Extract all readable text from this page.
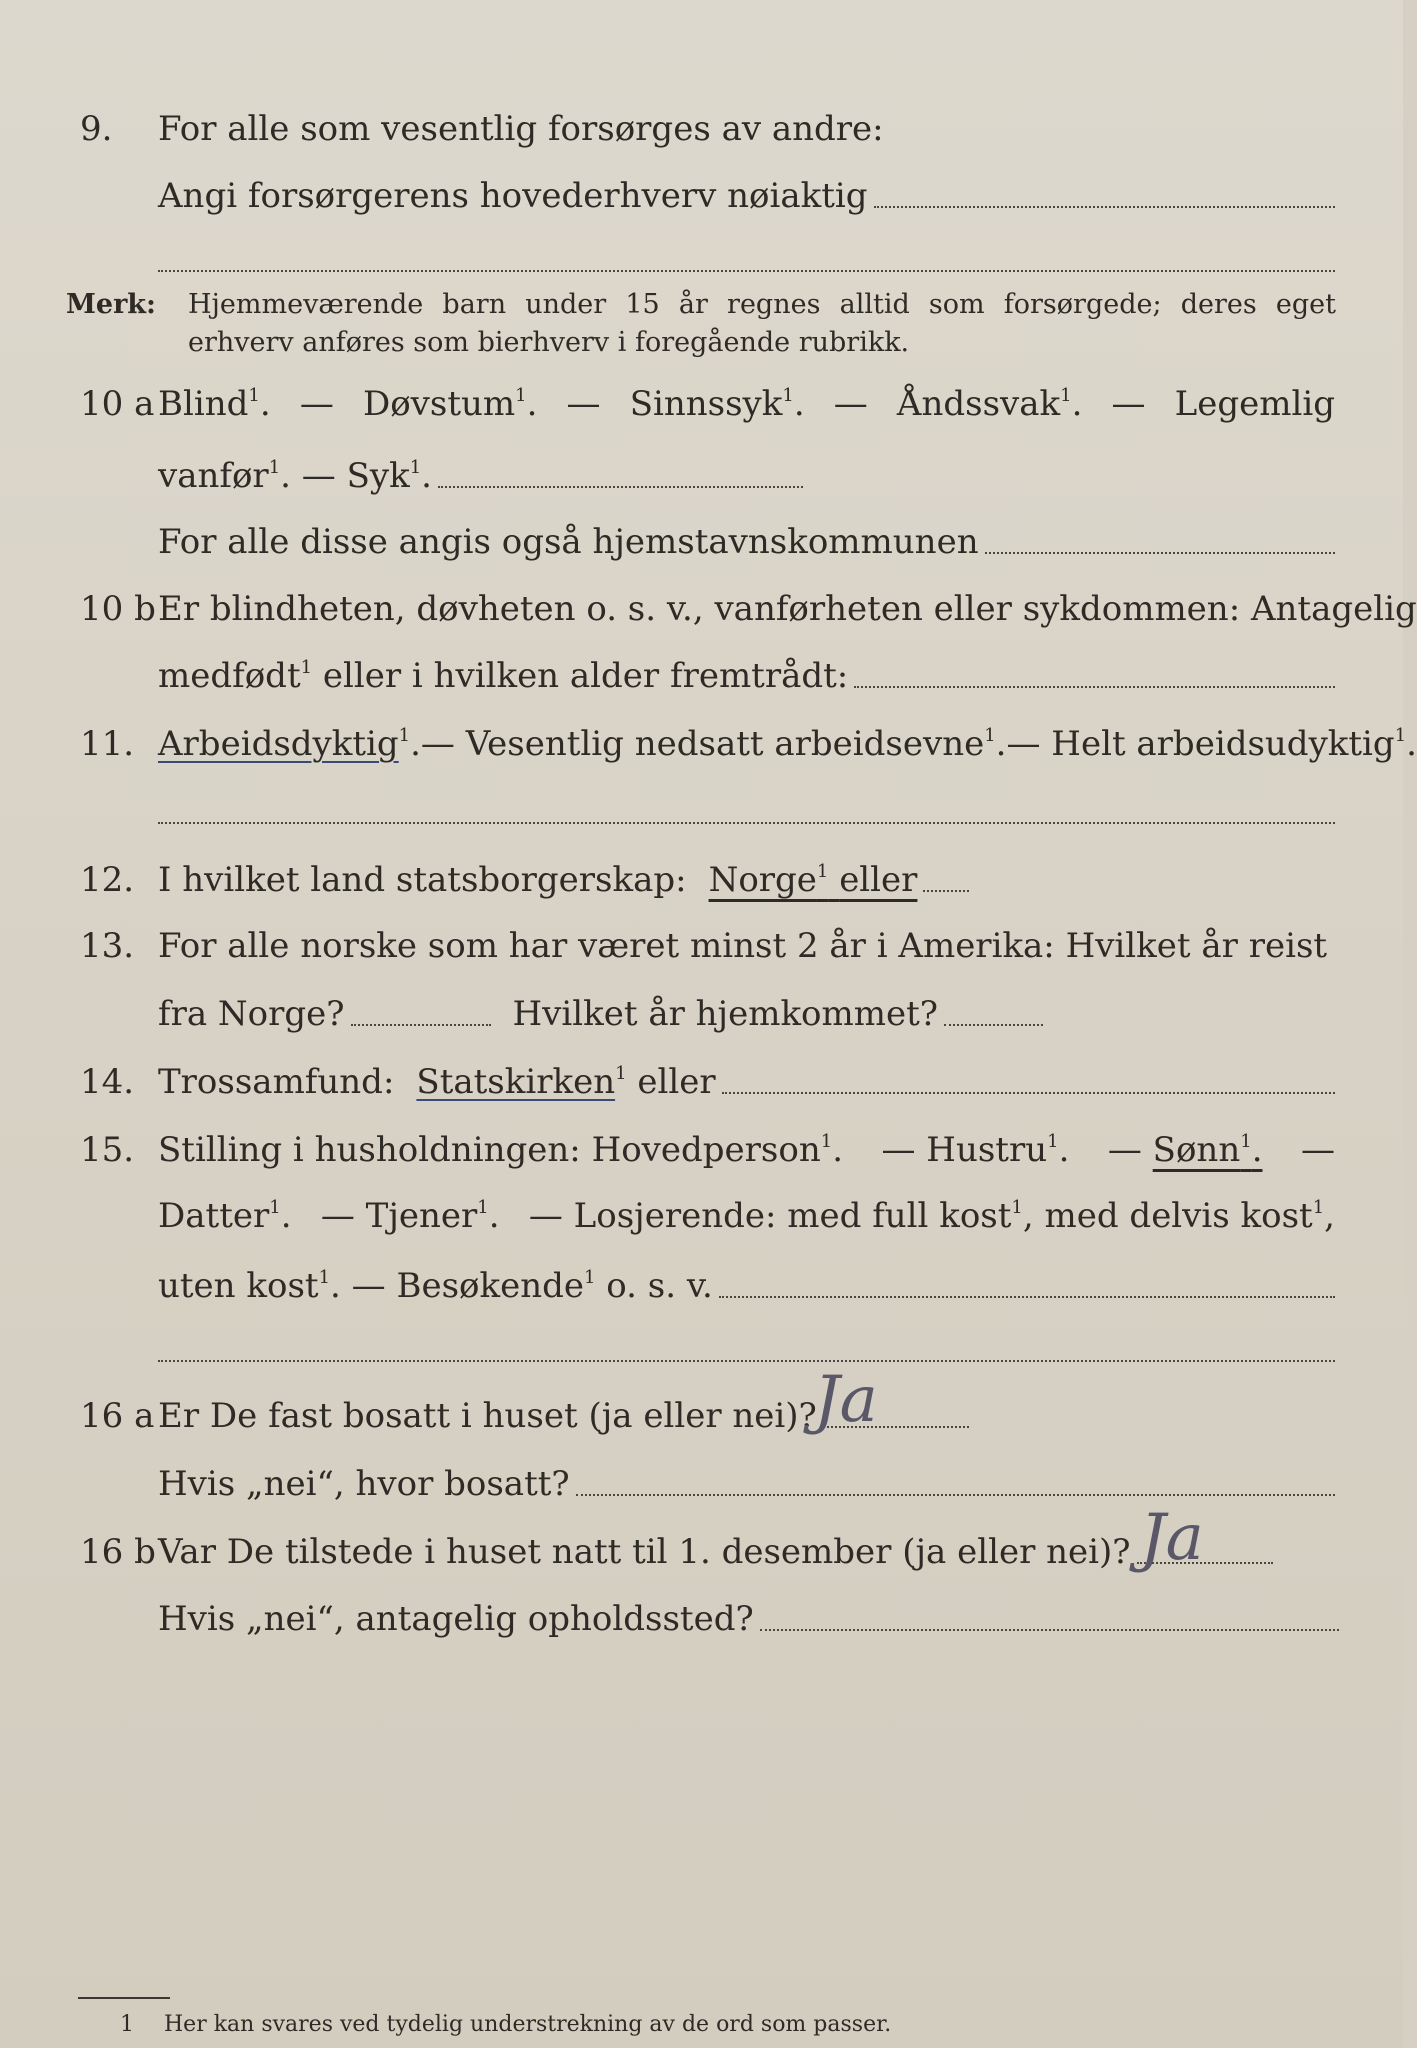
9. For alle som vesentlig forsørges av andre:
Angi forsørgerens hovederhverv nøiaktig
Merk: Hjemmeværende barn under 15 år regnes alltid som forsørgede; deres eget erhverv anføres som bierhverv i foregående rubrikk.
10 a Blind$^1$. — Døvstum$^1$. — Sinnssyk$^1$. — Åndssvak$^1$. — Legemlig
vanfør$^1$. — Syk$^1$.
For alle disse angis også hjemstavnskommunen
10 b Er blindheten, døvheten o. s. v., vanførheten eller sykdommen: Antagelig
medfødt$^1$ eller i hvilken alder fremtrådt:
11. Arbeidsdyktig$^1$. — Vesentlig nedsatt arbeidsevne$^1$. — Helt arbeidsudyktig$^1$.
12. I hvilket land statsborgerskap: Norge$^1$ eller
13. For alle norske som har været minst 2 år i Amerika: Hvilket år reist
fra Norge?	Hvilket år hjemkommet?
14. Trossamfund: Statskirken$^1$ eller
15. Stilling i husholdningen: Hovedperson$^1$. — Hustru$^1$. — Sønn$^1$. —
Datter$^1$. — Tjener$^1$. — Losjerende: med full kost$^1$, med delvis kost$^1$,
uten kost$^1$. — Besøkende$^1$ o. s. v.
16 a Er De fast bosatt i huset (ja eller nei)?
Ja
Hvis „nei“, hvor bosatt?
16 b Var De tilstede i huset natt til 1. desember (ja eller nei)? Ja
Hvis „nei“, antagelig opholdssted?
1 Her kan svares ved tydelig understrekning av de ord som passer.
